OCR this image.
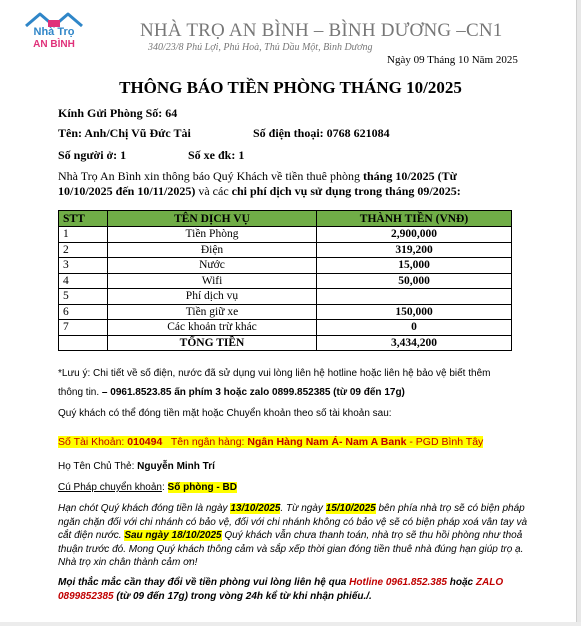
Nhà Trọ
AN BÌNH
NHÀ TRỌ AN BÌNH – BÌNH DƯƠNG –CN1
340/23/8 Phú Lợi, Phú Hoà, Thủ Dầu Một, Bình Dương
Ngày 09 Tháng 10 Năm 2025
THÔNG BÁO TIỀN PHÒNG THÁNG 10/2025
Kính Gửi Phòng Số: 64
Tên: Anh/Chị Vũ Đức Tài	Số điện thoại: 0768 621084
Số người ở: 1	Số xe đk: 1
Nhà Trọ An Bình xin thông báo Quý Khách về tiền thuê phòng tháng 10/2025 (Từ
10/10/2025 đến 10/11/2025) và các chi phí dịch vụ sử dụng trong tháng 09/2025:
STT	TÊN DỊCH VỤ	THÀNH TIỀN (VNĐ)
1	Tiền Phòng	2,900,000
2	Điện	319,200
3	Nước	15,000
4	Wifi	50,000
5	Phí dịch vụ	
6	Tiền giữ xe	150,000
7	Các khoản trừ khác	0
	TỔNG TIỀN	3,434,200
*Lưu ý: Chi tiết về số điện, nước đã sử dụng vui lòng liên hệ hotline hoặc liên hệ bảo vệ biết thêm
thông tin. – 0961.8523.85 ấn phím 3 hoặc zalo 0899.852385 (từ 09 đến 17g)
Quý khách có thể đóng tiền mặt hoặc Chuyển khoản theo số tài khoản sau:
Số Tài Khoản: 010494   Tên ngân hàng: Ngân Hàng Nam Á- Nam A Bank - PGD Bình Tây
Họ Tên Chủ Thẻ: Nguyễn Minh Trí
Cú Pháp chuyển khoản: Số phòng - BD
Hạn chót Quý khách đóng tiền là ngày 13/10/2025. Từ ngày 15/10/2025 bên phía nhà trọ sẽ có biện pháp ngăn chặn đối với chi nhánh có bảo vệ, đối với chi nhánh không có bảo vệ sẽ có biện pháp xoá vân tay và cắt điện nước. Sau ngày 18/10/2025 Quý khách vẫn chưa thanh toán, nhà trọ sẽ thu hồi phòng như thoả thuận trước đó. Mong Quý khách thông cảm và sắp xếp thời gian đóng tiền thuê nhà đúng hạn giúp trọ ạ. Nhà trọ xin chân thành cảm ơn!
Mọi thắc mắc cần thay đổi về tiền phòng vui lòng liên hệ qua Hotline 0961.852.385 hoặc ZALO 0899852385 (từ 09 đến 17g) trong vòng 24h kể từ khi nhận phiếu./.
